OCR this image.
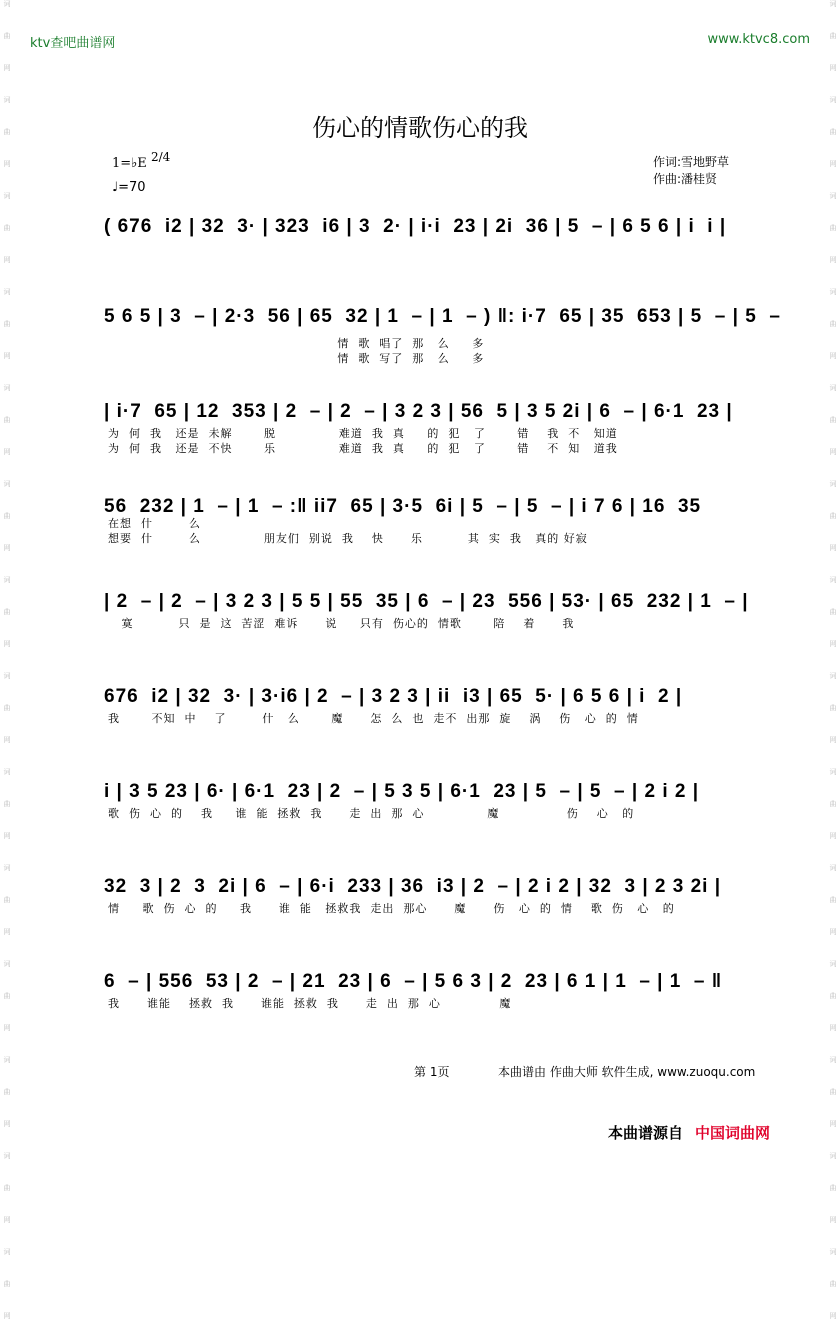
词
曲
网
词
曲
网
词
曲
网
词
曲
网
词
曲
网
词
曲
网
词
曲
网
词
曲
网
词
曲
网
词
曲
网
词
曲
网
词
曲
网
词
曲
网
词
曲
网
词
曲
网
词
曲
网
词
曲
网
词
曲
网
词
曲
网
词
曲
网
词
曲
网
词
曲
网
词
曲
网
词
曲
网
词
曲
网
词
曲
网
词
曲
网
词
曲
网
ktv查吧曲谱网	www.ktvc8.com
伤心的情歌伤心的我
1=♭E 2/4
♩=70
作词:雪地野草
作曲:潘桂贤
( 676  i2 | 32  3· | 323  i6 | 3  2· | i·i  23 | 2i  36 | 5  – | 6 5 6 | i  i |
5 6 5 | 3  – | 2·3  56 | 65  32 | 1  – | 1  – ) ‖: i·7  65 | 35  653 | 5  – | 5  –
情  歌  唱了  那   么     多
情  歌  写了  那   么     多
| i·7  65 | 12  353 | 2  – | 2  – | 3 2 3 | 56  5 | 3 5 2i | 6  – | 6·1  23 |
为  何  我   还是  未解       脱              难道  我  真     的  犯   了       错    我  不   知道
为  何  我   还是  不快       乐              难道  我  真     的  犯   了       错    不  知   道我
56  232 | 1  – | 1  – :‖ ii7  65 | 3·5  6i | 5  – | 5  – | i 7 6 | 16  35
在想  什        么
想要  什        么              朋友们  别说  我    快      乐          其  实  我   真的 好寂
| 2  – | 2  – | 3 2 3 | 5 5 | 55  35 | 6  – | 23  556 | 53· | 65  232 | 1  – |
寞          只  是  这  苦涩  难诉      说     只有  伤心的  情歌       陪    着      我
676  i2 | 32  3· | 3·i6 | 2  – | 3 2 3 | ii  i3 | 65  5· | 6 5 6 | i  2 |
我       不知  中    了        什   么       魔      怎  么  也  走不  出那  旋    涡    伤   心  的  情
i | 3 5 23 | 6· | 6·1  23 | 2  – | 5 3 5 | 6·1  23 | 5  – | 5  – | 2 i 2 |
歌  伤  心  的    我     谁  能  拯救  我      走  出  那  心              魔               伤    心   的
32  3 | 2  3  2i | 6  – | 6·i  233 | 36  i3 | 2  – | 2 i 2 | 32  3 | 2 3 2i |
情     歌  伤  心  的     我      谁  能   拯救我  走出  那心      魔      伤   心  的  情    歌  伤   心   的
6  – | 556  53 | 2  – | 21  23 | 6  – | 5 6 3 | 2  23 | 6 1 | 1  – | 1  – ‖
我      谁能    拯救  我      谁能  拯救  我      走  出  那  心             魔
第 1页	本曲谱由 作曲大师 软件生成, www.zuoqu.com
本曲谱源自 中国词曲网
